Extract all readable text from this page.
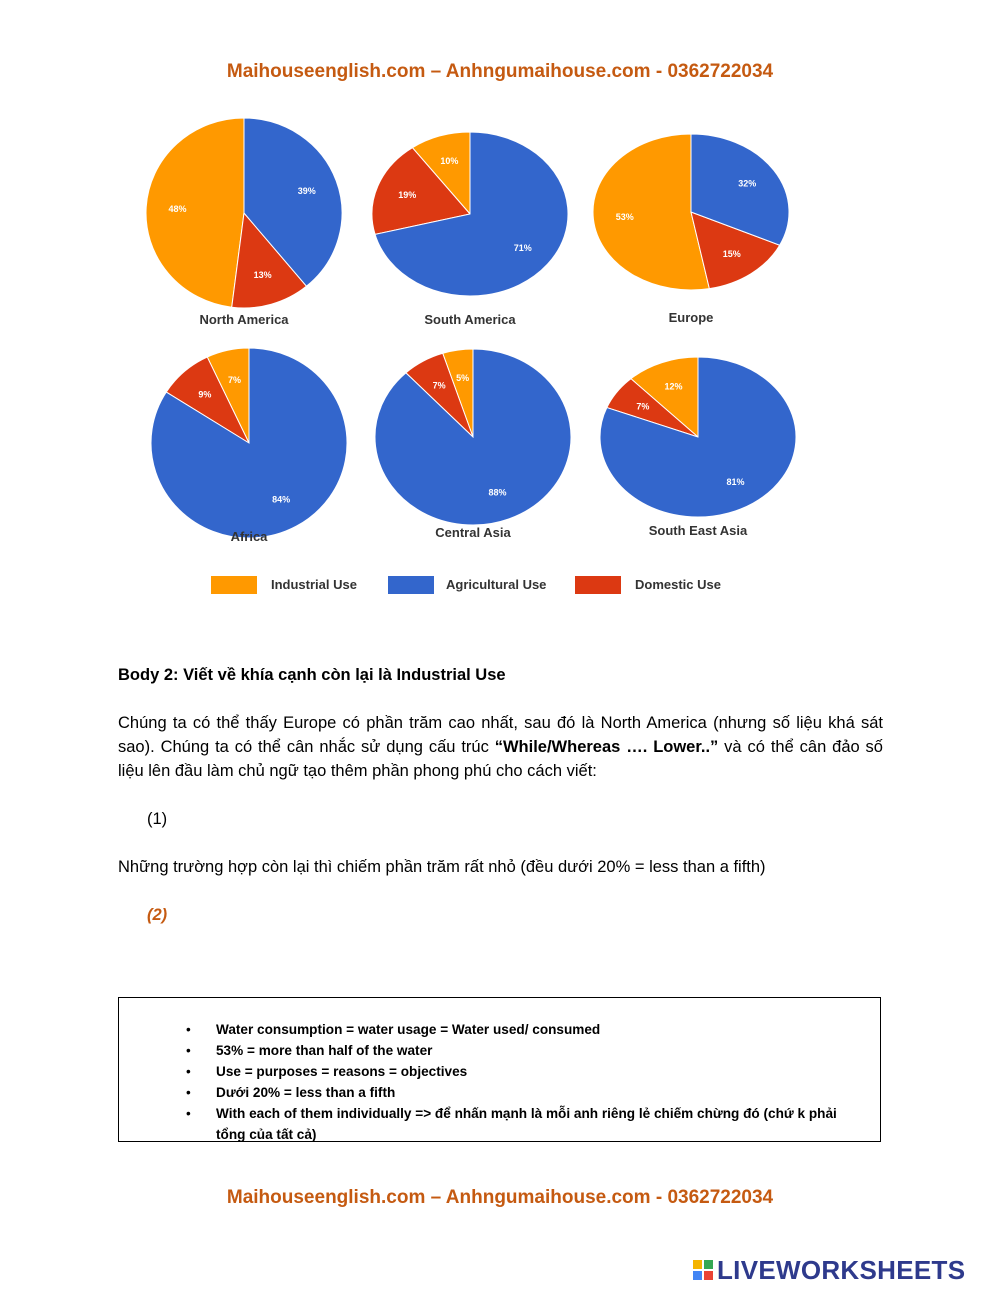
Maihouseenglish.com – Anhngumaihouse.com - 0362722034
48%
13%
39%
North America
10%
19%
71%
South America
53%
15%
32%
Europe
7%
9%
84%
Africa
5%
7%
88%
Central Asia
12%
7%
81%
South East Asia
Industrial Use	Agricultural Use	Domestic Use
Body 2: Viết về khía cạnh còn lại là Industrial Use
Chúng ta có thể thấy Europe có phần trăm cao nhất, sau đó là North America (nhưng số liệu khá sát sao). Chúng ta có thể cân nhắc sử dụng cấu trúc “While/Whereas …. Lower..” và có thể cân đảo số liệu lên đầu làm chủ ngữ tạo thêm phần phong phú cho cách viết:
(1)
Những trường hợp còn lại thì chiếm phần trăm rất nhỏ (đều dưới 20% = less than a fifth)
(2)
• Water consumption = water usage = Water used/ consumed
• 53% = more than half of the water
• Use = purposes = reasons = objectives
• Dưới 20% = less than a fifth
• With each of them individually => để nhấn mạnh là mỗi anh riêng lẻ chiếm chừng đó (chứ k phải tổng của tất cả)
Maihouseenglish.com – Anhngumaihouse.com - 0362722034
LIVEWORKSHEETS
